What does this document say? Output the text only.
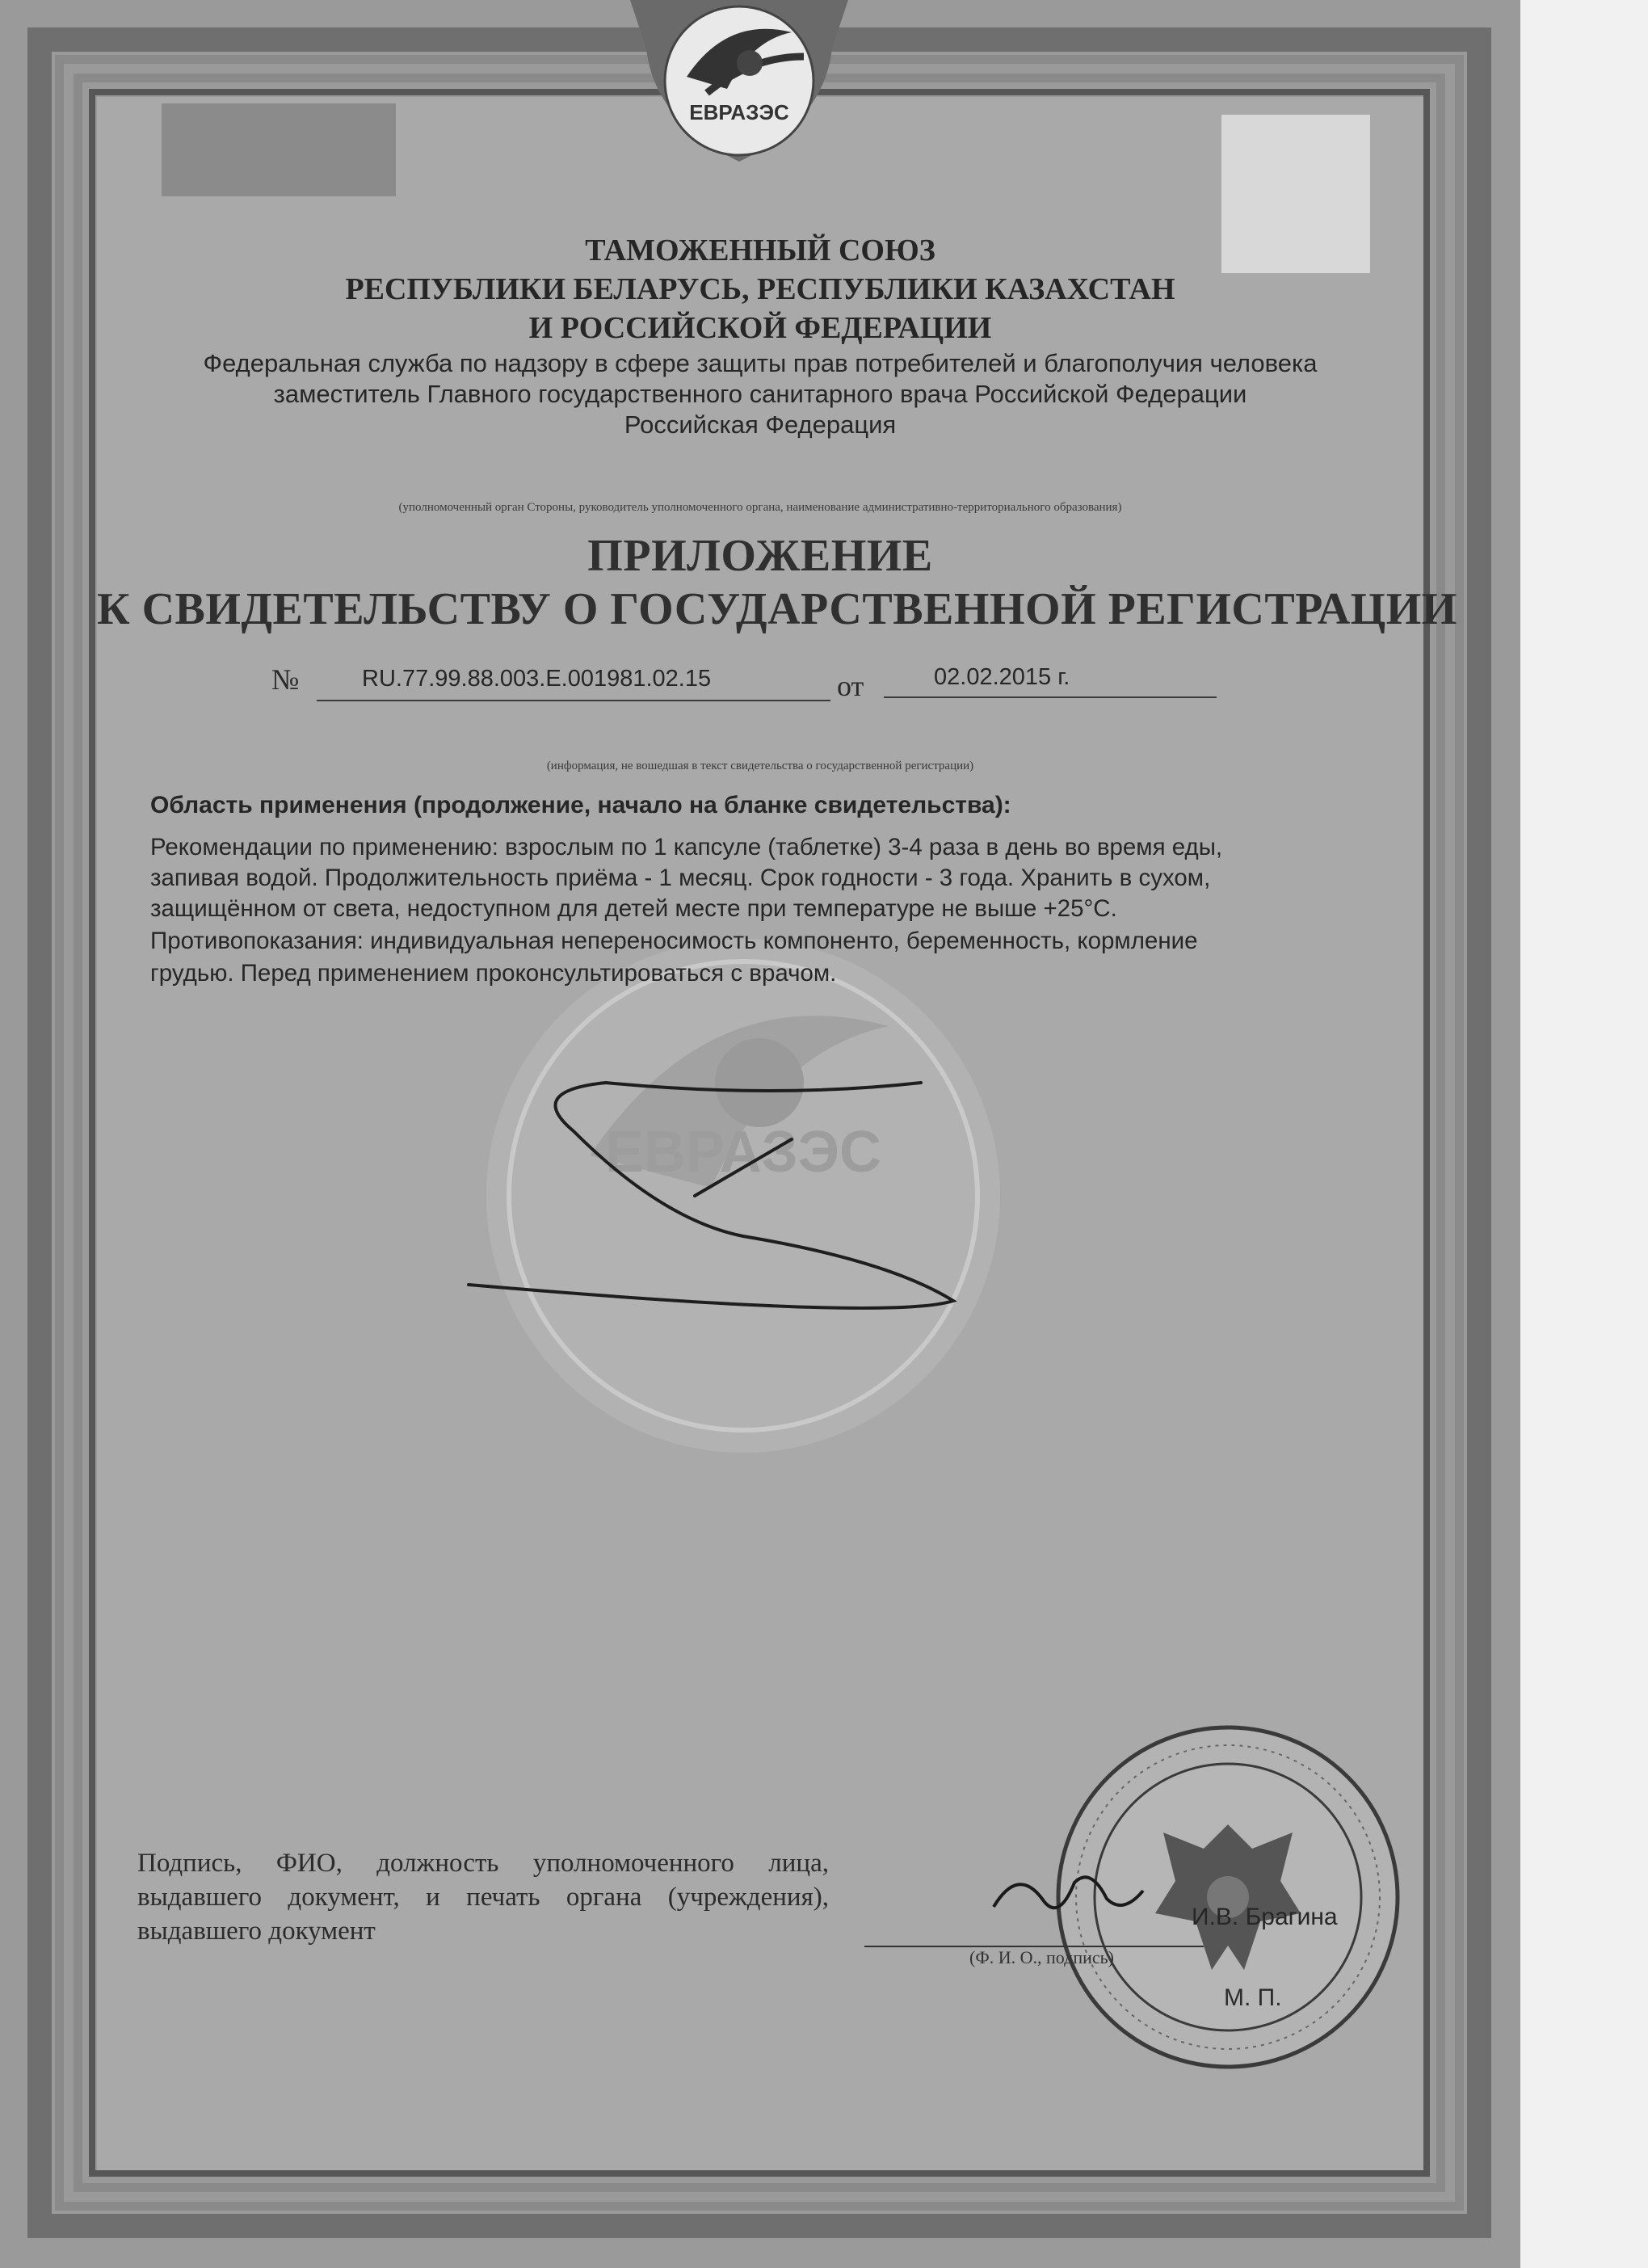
ЕВРАЗЭС
ЕВРАЗЭС
ТАМОЖЕННЫЙ СОЮЗ
РЕСПУБЛИКИ БЕЛАРУСЬ, РЕСПУБЛИКИ КАЗАХСТАН
И РОССИЙСКОЙ ФЕДЕРАЦИИ
Федеральная служба по надзору в сфере защиты прав потребителей и благополучия человека
заместитель Главного государственного санитарного врача Российской Федерации
Российская Федерация
(уполномоченный орган Стороны, руководитель уполномоченного органа, наименование административно-территориального образования)
ПРИЛОЖЕНИЕ
К СВИДЕТЕЛЬСТВУ О ГОСУДАРСТВЕННОЙ РЕГИСТРАЦИИ
№	RU.77.99.88.003.E.001981.02.15	от	02.02.2015 г.
(информация, не вошедшая в текст свидетельства о государственной регистрации)
Область применения (продолжение, начало на бланке свидетельства):
Рекомендации по применению: взрослым по 1 капсуле (таблетке) 3-4 раза в день во время еды,
запивая водой. Продолжительность приёма - 1 месяц. Срок годности - 3 года. Хранить в сухом,
защищённом от света, недоступном для детей месте при температуре не выше +25°С.
Противопоказания: индивидуальная непереносимость компоненто, беременность, кормление
грудью. Перед применением проконсультироваться с врачом.
Подпись, ФИО, должность уполномоченного лица, выдавшего документ, и печать органа (учреждения), выдавшего документ	И.В. Брагина
(Ф. И. О., подпись)
М. П.
